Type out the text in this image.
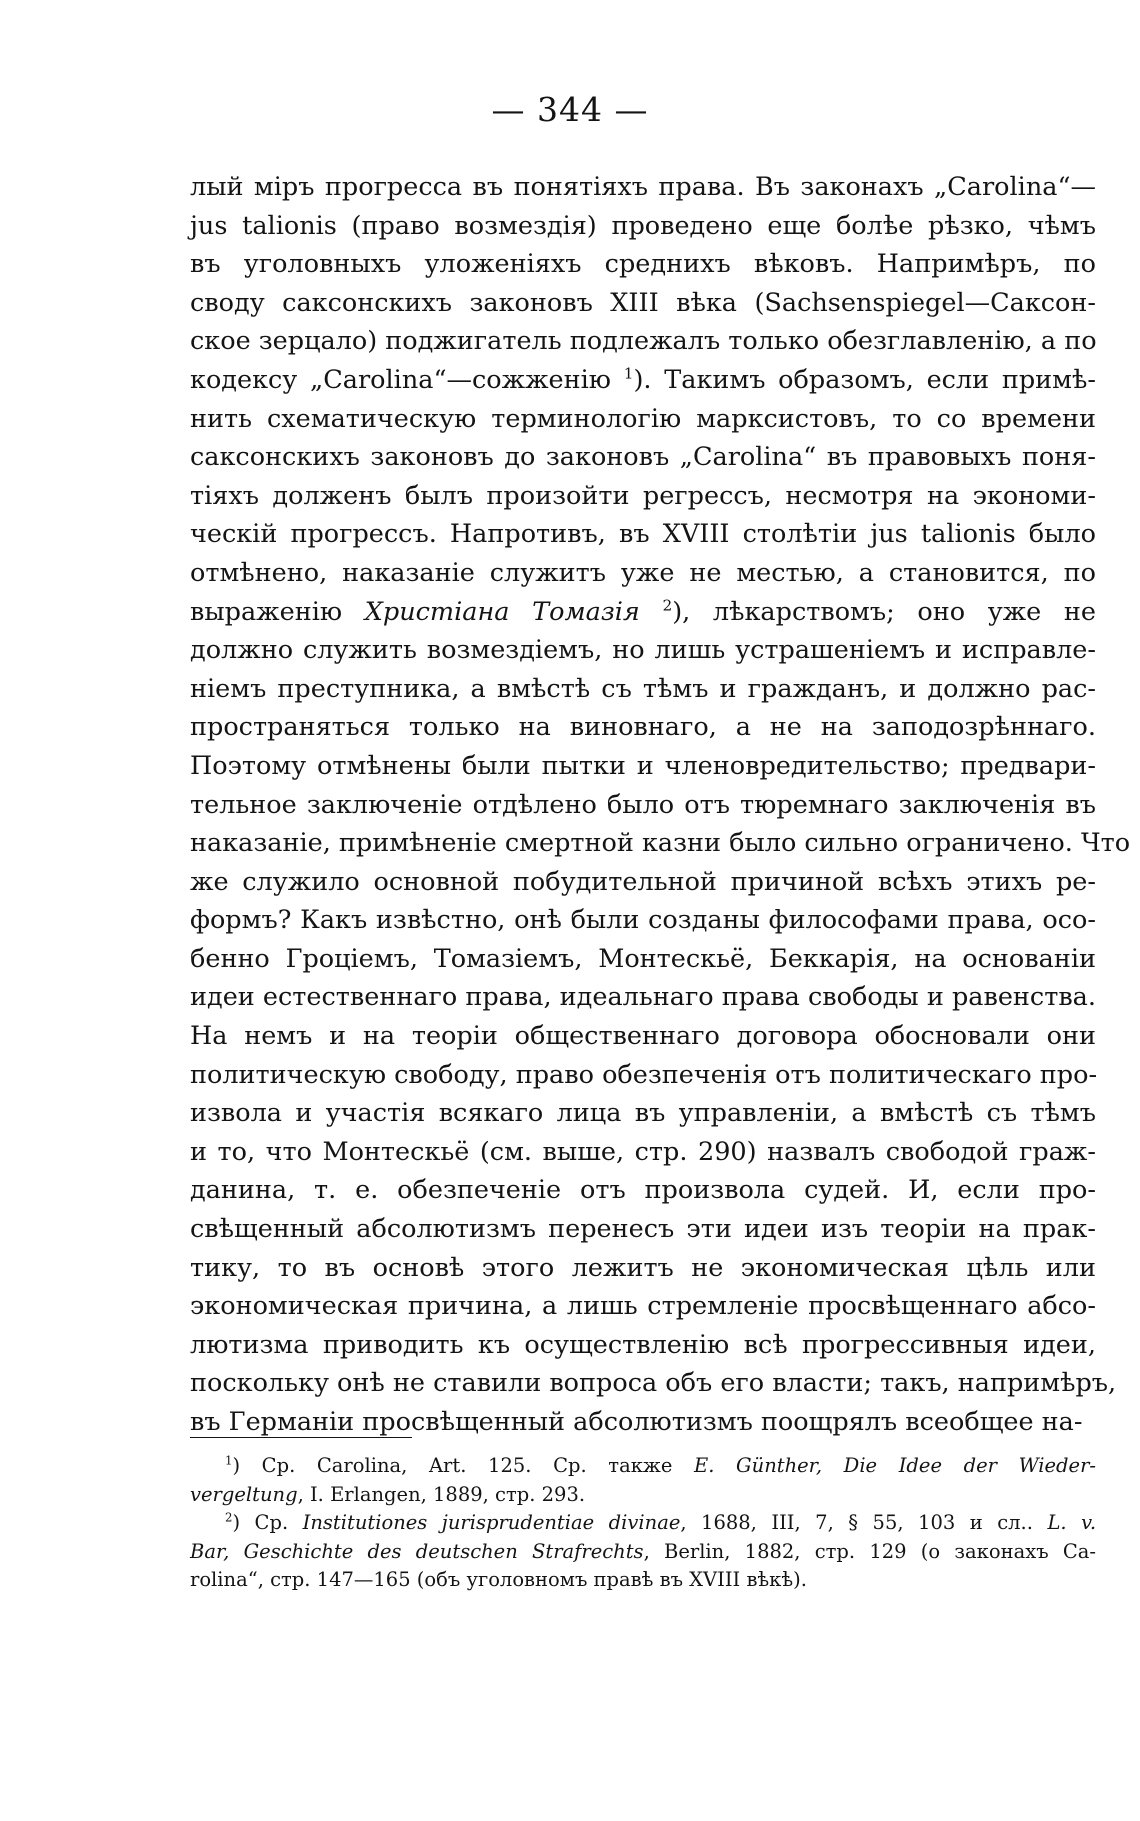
— 344 —
лый міръ прогресса въ понятіяхъ права. Въ законахъ „Carolina“—
jus talionis (право возмездія) проведено еще болѣе рѣзко, чѣмъ
въ уголовныхъ уложеніяхъ среднихъ вѣковъ. Напримѣръ, по
своду саксонскихъ законовъ XIII вѣка (Sachsenspiegel—Саксон-
ское зерцало) поджигатель подлежалъ только обезглавленію, а по
кодексу „Carolina“—сожженію $^1$). Такимъ образомъ, если примѣ-
нить схематическую терминологію марксистовъ, то со времени
саксонскихъ законовъ до законовъ „Carolina“ въ правовыхъ поня-
тіяхъ долженъ былъ произойти регрессъ, несмотря на экономи-
ческій прогрессъ. Напротивъ, въ XVIII столѣтіи jus talionis было
отмѣнено, наказаніе служитъ уже не местью, а становится, по
выраженію Христіана Томазія $^2$), лѣкарствомъ; оно уже не
должно служить возмездіемъ, но лишь устрашеніемъ и исправле-
ніемъ преступника, а вмѣстѣ съ тѣмъ и гражданъ, и должно рас-
пространяться только на виновнаго, а не на заподозрѣннаго.
Поэтому отмѣнены были пытки и членовредительство; предвари-
тельное заключеніе отдѣлено было отъ тюремнаго заключенія въ
наказаніе, примѣненіе смертной казни было сильно ограничено. Что
же служило основной побудительной причиной всѣхъ этихъ ре-
формъ? Какъ извѣстно, онѣ были созданы философами права, осо-
бенно Гроціемъ, Томазіемъ, Монтескьё, Беккарія, на основаніи
идеи естественнаго права, идеальнаго права свободы и равенства.
На немъ и на теоріи общественнаго договора обосновали они
политическую свободу, право обезпеченія отъ политическаго про-
извола и участія всякаго лица въ управленіи, а вмѣстѣ съ тѣмъ
и то, что Монтескьё (см. выше, стр. 290) назвалъ свободой граж-
данина, т. е. обезпеченіе отъ произвола судей. И, если про-
свѣщенный абсолютизмъ перенесъ эти идеи изъ теоріи на прак-
тику, то въ основѣ этого лежитъ не экономическая цѣль или
экономическая причина, а лишь стремленіе просвѣщеннаго абсо-
лютизма приводить къ осуществленію всѣ прогрессивныя идеи,
поскольку онѣ не ставили вопроса объ его власти; такъ, напримѣръ,
въ Германіи просвѣщенный абсолютизмъ поощрялъ всеобщее на-
$^1$) Ср. Carolina, Art. 125. Ср. также E. Günther, Die Idee der Wieder-
vergeltung, I. Erlangen, 1889, стр. 293.
$^2$) Ср. Institutiones jurisprudentiae divinae, 1688, III, 7, § 55, 103 и сл.. L. v.
Bar, Geschichte des deutschen Strafrechts, Berlin, 1882, стр. 129 (о законахъ Ca-
rolina“, стр. 147—165 (объ уголовномъ правѣ въ XVIII вѣкѣ).
